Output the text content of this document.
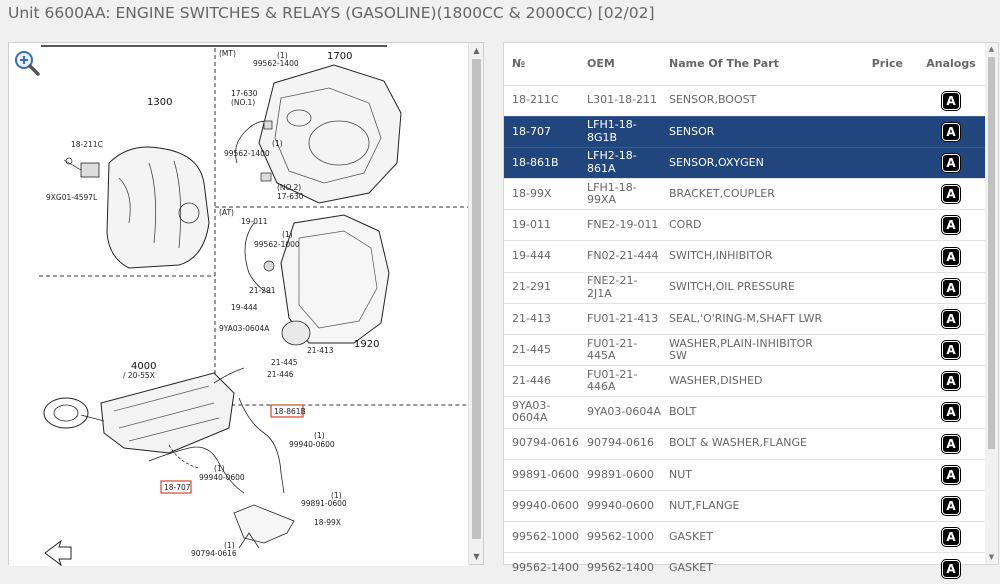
Unit 6600AA: ENGINE SWITCHES & RELAYS (GASOLINE)(1800CC & 2000CC) [02/02]
(MT)
(AT)
1700
1300
1920
4000
/ 20-55X
99562-1400
(1)
17-630
(NO.1)
99562-1400
(1)
(NO.2)
17-630
18-211C
9XG01-4597L
19-011
(1)
99562-1000
21-291
19-444
9YA03-0604A
21-413
21-445
21-446
18-861B
18-707
(1)
99940-0600
(1)
99940-0600
(1)
99891-0600
18-99X
(1)
90794-0616
▲
▼
№	OEM	Name Of The Part	Price	Analogs
18-211C	L301-18-211	SENSOR,BOOST		A
18-707	LFH1-18-8G1B	SENSOR		A
18-861B	LFH2-18-861A	SENSOR,OXYGEN		A
18-99X	LFH1-18-99XA	BRACKET,COUPLER		A
19-011	FNE2-19-011	CORD		A
19-444	FN02-21-444	SWITCH,INHIBITOR		A
21-291	FNE2-21-2J1A	SWITCH,OIL PRESSURE		A
21-413	FU01-21-413	SEAL,'O'RING-M,SHAFT LWR		A
21-445	FU01-21-445A	WASHER,PLAIN-INHIBITOR SW		A
21-446	FU01-21-446A	WASHER,DISHED		A
9YA03-0604A	9YA03-0604A	BOLT		A
90794-0616	90794-0616	BOLT & WASHER,FLANGE		A
99891-0600	99891-0600	NUT		A
99940-0600	99940-0600	NUT,FLANGE		A
99562-1000	99562-1000	GASKET		A
99562-1400	99562-1400	GASKET		A
▲
▼
